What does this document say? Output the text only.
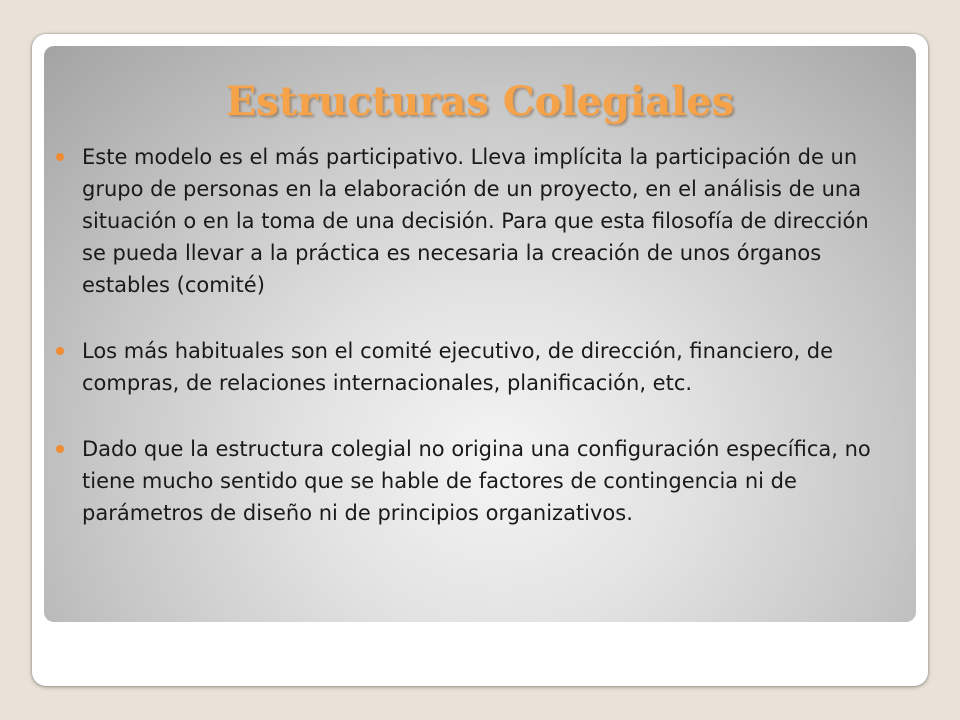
Estructuras Colegiales
Este modelo es el más participativo. Lleva implícita la participación de un grupo de personas en la elaboración de un proyecto, en el análisis de una situación o en la toma de una decisión. Para que esta filosofía de dirección se pueda llevar a la práctica es necesaria la creación de unos órganos estables (comité)
Los más habituales son el comité ejecutivo, de dirección, financiero, de compras, de relaciones internacionales, planificación, etc.
Dado que la estructura colegial no origina una configuración específica, no tiene mucho sentido que se hable de factores de contingencia ni de parámetros de diseño ni de principios organizativos.
